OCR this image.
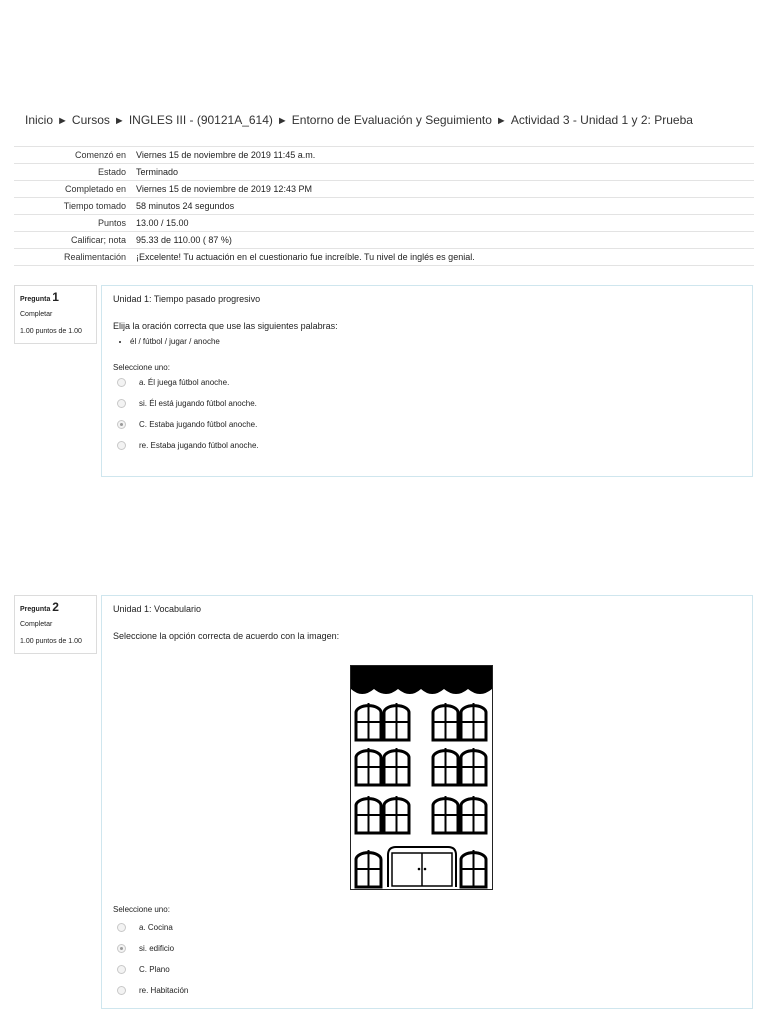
Inicio ► Cursos ► INGLES III - (90121A_614) ► Entorno de Evaluación y Seguimiento ► Actividad 3 - Unidad 1 y 2: Prueba
Comenzó en	Viernes 15 de noviembre de 2019 11:45 a.m.
Estado	Terminado
Completado en	Viernes 15 de noviembre de 2019 12:43 PM
Tiempo tomado	58 minutos 24 segundos
Puntos	13.00 / 15.00
Calificar; nota	95.33 de 110.00 ( 87 %)
Realimentación	¡Excelente! Tu actuación en el cuestionario fue increíble. Tu nivel de inglés es genial.
Pregunta 1
Completar
1.00 puntos de 1.00
Unidad 1: Tiempo pasado progresivo
Elija la oración correcta que use las siguientes palabras:
• él / fútbol / jugar / anoche
Seleccione uno:
a. Él juega fútbol anoche.
si. Él está jugando fútbol anoche.
C. Estaba jugando fútbol anoche.
re. Estaba jugando fútbol anoche.
Pregunta 2
Completar
1.00 puntos de 1.00
Unidad 1: Vocabulario
Seleccione la opción correcta de acuerdo con la imagen:
Seleccione uno:
a. Cocina
si. edificio
C. Plano
re. Habitación
